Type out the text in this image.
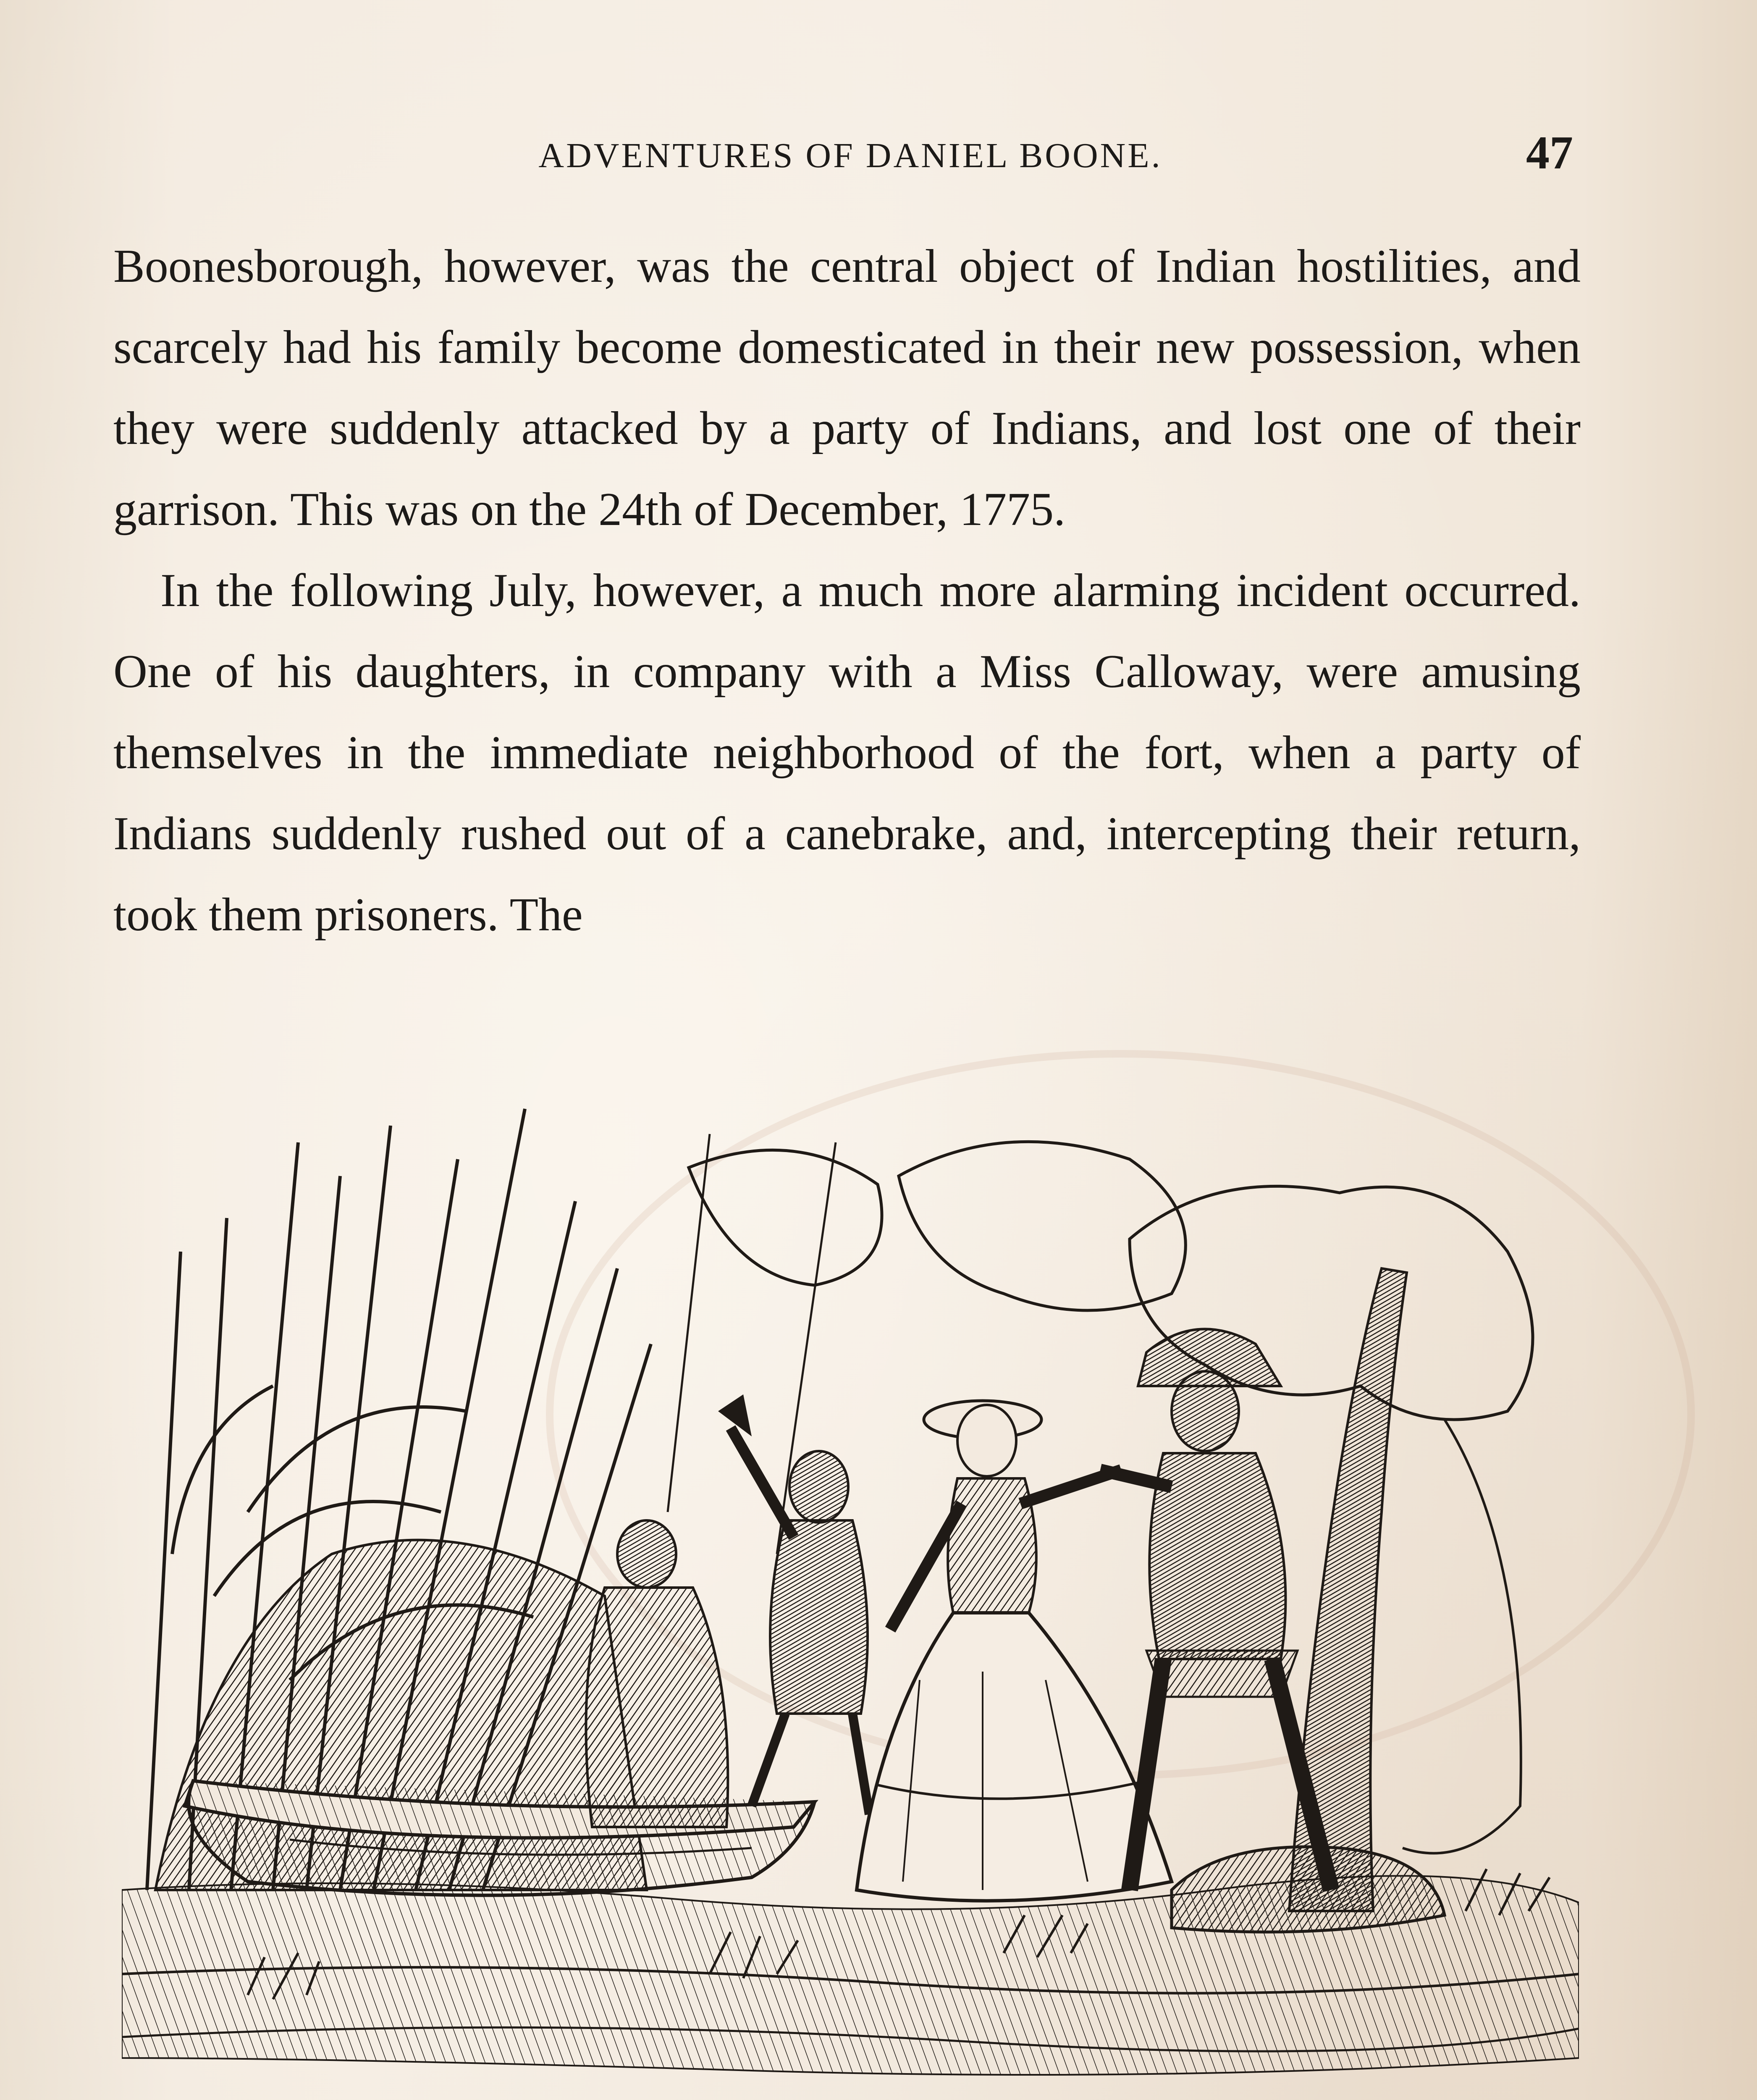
ADVENTURES OF DANIEL BOONE.	47

Boonesborough, however, was the central object of Indian hostilities, and scarcely had his family become domesticated in their new possession, when they were suddenly attacked by a party of Indians, and lost one of their garrison. This was on the 24th of December, 1775.

In the following July, however, a much more alarming incident occurred. One of his daughters, in company with a Miss Calloway, were amusing themselves in the immediate neighborhood of the fort, when a party of Indians suddenly rushed out of a canebrake, and, intercepting their return, took them prisoners. The
